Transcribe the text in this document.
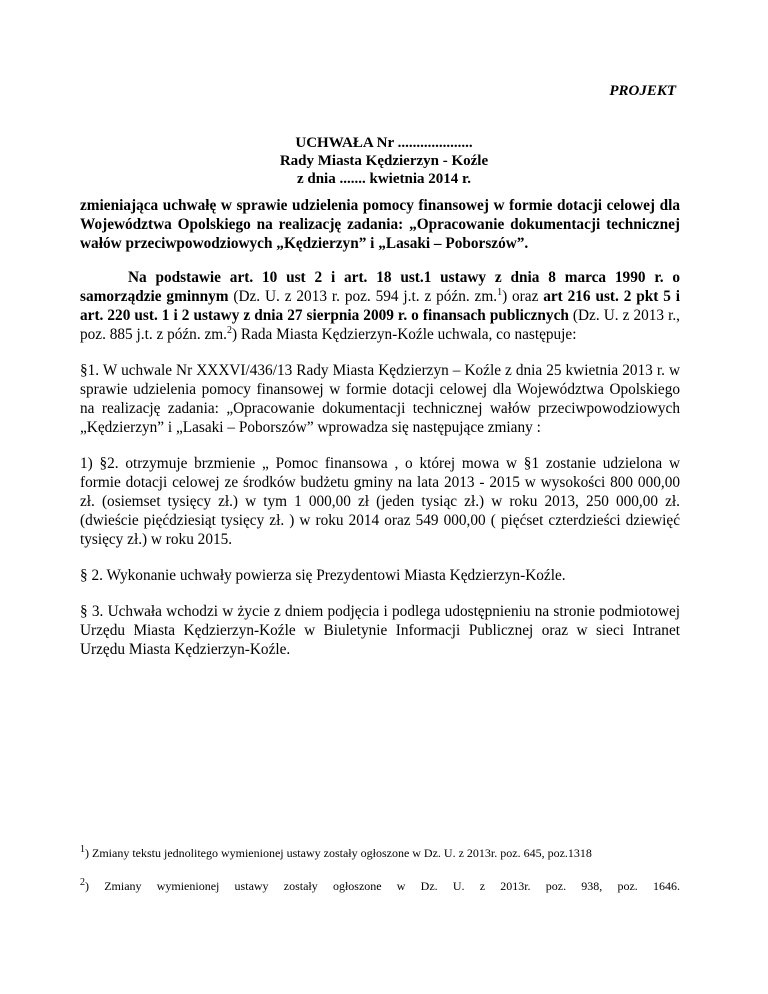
PROJEKT
UCHWAŁA Nr ....................
Rady Miasta Kędzierzyn - Koźle
z dnia ....... kwietnia 2014 r.

zmieniająca uchwałę w sprawie udzielenia pomocy finansowej w formie dotacji celowej dla Województwa Opolskiego na realizację zadania: „Opracowanie dokumentacji technicznej wałów przeciwpowodziowych „Kędzierzyn” i „Lasaki – Poborszów”.

Na podstawie art. 10 ust 2 i art. 18 ust.1 ustawy z dnia 8 marca 1990 r. o samorządzie gminnym (Dz. U. z 2013 r. poz. 594 j.t. z późn. zm.$^1$) oraz art 216 ust. 2 pkt 5 i art. 220 ust. 1 i 2 ustawy z dnia 27 sierpnia 2009 r. o finansach publicznych (Dz. U. z 2013 r., poz. 885 j.t. z późn. zm.$^2$) Rada Miasta Kędzierzyn-Koźle uchwala, co następuje:

§1. W uchwale Nr XXXVI/436/13 Rady Miasta Kędzierzyn – Koźle z dnia 25 kwietnia 2013 r. w sprawie udzielenia pomocy finansowej w formie dotacji celowej dla Województwa Opolskiego na realizację zadania: „Opracowanie dokumentacji technicznej wałów przeciwpowodziowych „Kędzierzyn” i „Lasaki – Poborszów” wprowadza się następujące zmiany :

1) §2. otrzymuje brzmienie „ Pomoc finansowa , o której mowa w §1 zostanie udzielona w formie dotacji celowej ze środków budżetu gminy na lata 2013 - 2015 w wysokości 800 000,00 zł. (osiemset tysięcy zł.) w tym 1 000,00 zł (jeden tysiąc zł.) w roku 2013, 250 000,00 zł. (dwieście pięćdziesiąt tysięcy zł. ) w roku 2014 oraz 549 000,00 ( pięćset czterdzieści dziewięć tysięcy zł.) w roku 2015.

§ 2. Wykonanie uchwały powierza się Prezydentowi Miasta Kędzierzyn-Koźle.

§ 3. Uchwała wchodzi w życie z dniem podjęcia i podlega udostępnieniu na stronie podmiotowej Urzędu Miasta Kędzierzyn-Koźle w Biuletynie Informacji Publicznej oraz w sieci Intranet Urzędu Miasta Kędzierzyn-Koźle.

$^1$) Zmiany tekstu jednolitego wymienionej ustawy zostały ogłoszone w Dz. U. z 2013r. poz. 645, poz.1318

$^2$) Zmiany wymienionej ustawy zostały ogłoszone w Dz. U. z 2013r. poz. 938, poz. 1646.
